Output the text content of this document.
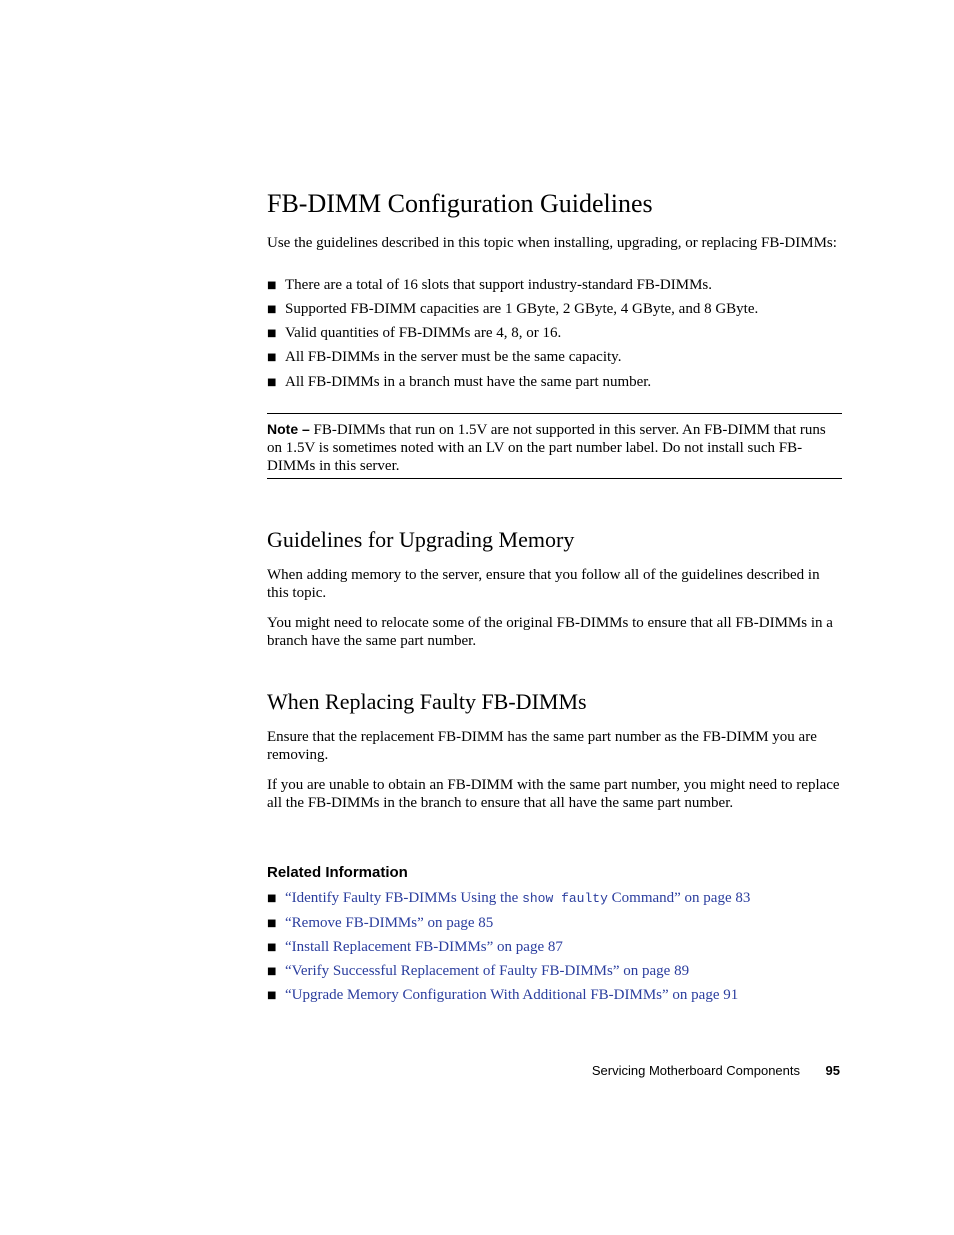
FB-DIMM Configuration Guidelines

Use the guidelines described in this topic when installing, upgrading, or replacing FB-DIMMs:

■ There are a total of 16 slots that support industry-standard FB-DIMMs.
■ Supported FB-DIMM capacities are 1 GByte, 2 GByte, 4 GByte, and 8 GByte.
■ Valid quantities of FB-DIMMs are 4, 8, or 16.
■ All FB-DIMMs in the server must be the same capacity.
■ All FB-DIMMs in a branch must have the same part number.

Note – FB-DIMMs that run on 1.5V are not supported in this server. An FB-DIMM that runs on 1.5V is sometimes noted with an LV on the part number label. Do not install such FB-DIMMs in this server.

Guidelines for Upgrading Memory

When adding memory to the server, ensure that you follow all of the guidelines described in this topic.

You might need to relocate some of the original FB-DIMMs to ensure that all FB-DIMMs in a branch have the same part number.

When Replacing Faulty FB-DIMMs

Ensure that the replacement FB-DIMM has the same part number as the FB-DIMM you are removing.

If you are unable to obtain an FB-DIMM with the same part number, you might need to replace all the FB-DIMMs in the branch to ensure that all have the same part number.

Related Information
■ “Identify Faulty FB-DIMMs Using the show faulty Command” on page 83
■ “Remove FB-DIMMs” on page 85
■ “Install Replacement FB-DIMMs” on page 87
■ “Verify Successful Replacement of Faulty FB-DIMMs” on page 89
■ “Upgrade Memory Configuration With Additional FB-DIMMs” on page 91
Servicing Motherboard Components	95
